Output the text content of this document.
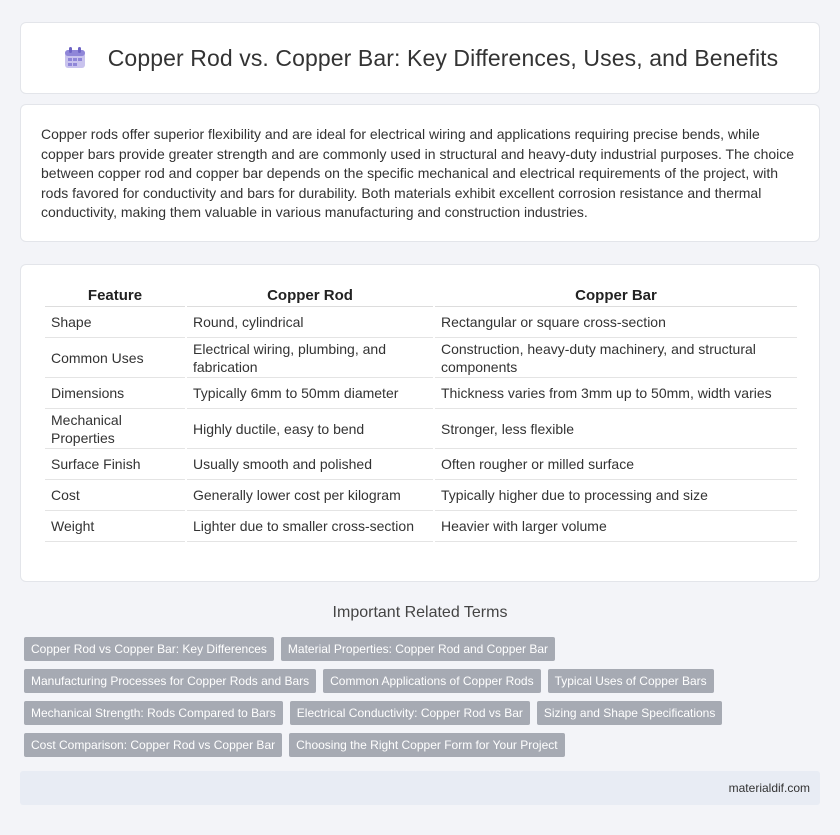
Copper Rod vs. Copper Bar: Key Differences, Uses, and Benefits

Copper rods offer superior flexibility and are ideal for electrical wiring and applications requiring precise bends, while copper bars provide greater strength and are commonly used in structural and heavy-duty industrial purposes. The choice between copper rod and copper bar depends on the specific mechanical and electrical requirements of the project, with rods favored for conductivity and bars for durability. Both materials exhibit excellent corrosion resistance and thermal conductivity, making them valuable in various manufacturing and construction industries.

Feature	Copper Rod	Copper Bar
Shape	Round, cylindrical	Rectangular or square cross-section
Common Uses	Electrical wiring, plumbing, and fabrication	Construction, heavy-duty machinery, and structural components
Dimensions	Typically 6mm to 50mm diameter	Thickness varies from 3mm up to 50mm, width varies
Mechanical Properties	Highly ductile, easy to bend	Stronger, less flexible
Surface Finish	Usually smooth and polished	Often rougher or milled surface
Cost	Generally lower cost per kilogram	Typically higher due to processing and size
Weight	Lighter due to smaller cross-section	Heavier with larger volume
Important Related Terms
Copper Rod vs Copper Bar: Key Differences	Material Properties: Copper Rod and Copper Bar
Manufacturing Processes for Copper Rods and Bars	Common Applications of Copper Rods	Typical Uses of Copper Bars
Mechanical Strength: Rods Compared to Bars	Electrical Conductivity: Copper Rod vs Bar	Sizing and Shape Specifications
Cost Comparison: Copper Rod vs Copper Bar	Choosing the Right Copper Form for Your Project
materialdif.com
